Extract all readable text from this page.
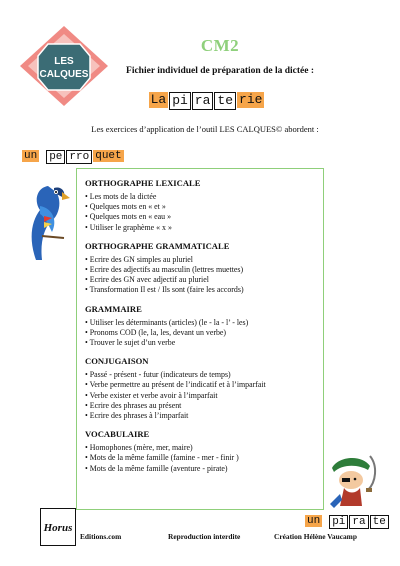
LES
CALQUES
CM2
Fichier individuel de préparation de la dictée :
La pi ra te rie
Les exercices d’application de l’outil LES CALQUES© abordent :
un pe rro quet
ORTHOGRAPHE LEXICALE
• Les mots de la dictée
• Quelques mots en « et »
• Quelques mots en « eau »
• Utiliser le graphème « x »
ORTHOGRAPHE GRAMMATICALE
• Ecrire des GN simples au pluriel
• Ecrire des adjectifs au masculin (lettres muettes)
• Ecrire des GN avec adjectif au pluriel
• Transformation Il est / Ils sont (faire les accords)
GRAMMAIRE
• Utiliser les déterminants (articles) (le - la - l’ - les)
• Pronoms COD (le, la, les, devant un verbe)
• Trouver le sujet d’un verbe
CONJUGAISON
• Passé - présent - futur (indicateurs de temps)
• Verbe permettre au présent de l’indicatif et à l’imparfait
• Verbe exister et verbe avoir à l’imparfait
• Ecrire des phrases au présent
• Ecrire des phrases à l’imparfait
VOCABULAIRE
• Homophones (mère, mer, maire)
• Mots de la même famille (famine - mer - finir )
• Mots de la même famille (aventure - pirate)
un pi ra te
Horus
Editions.com	Reproduction interdite	Création Hélène Vaucamp
